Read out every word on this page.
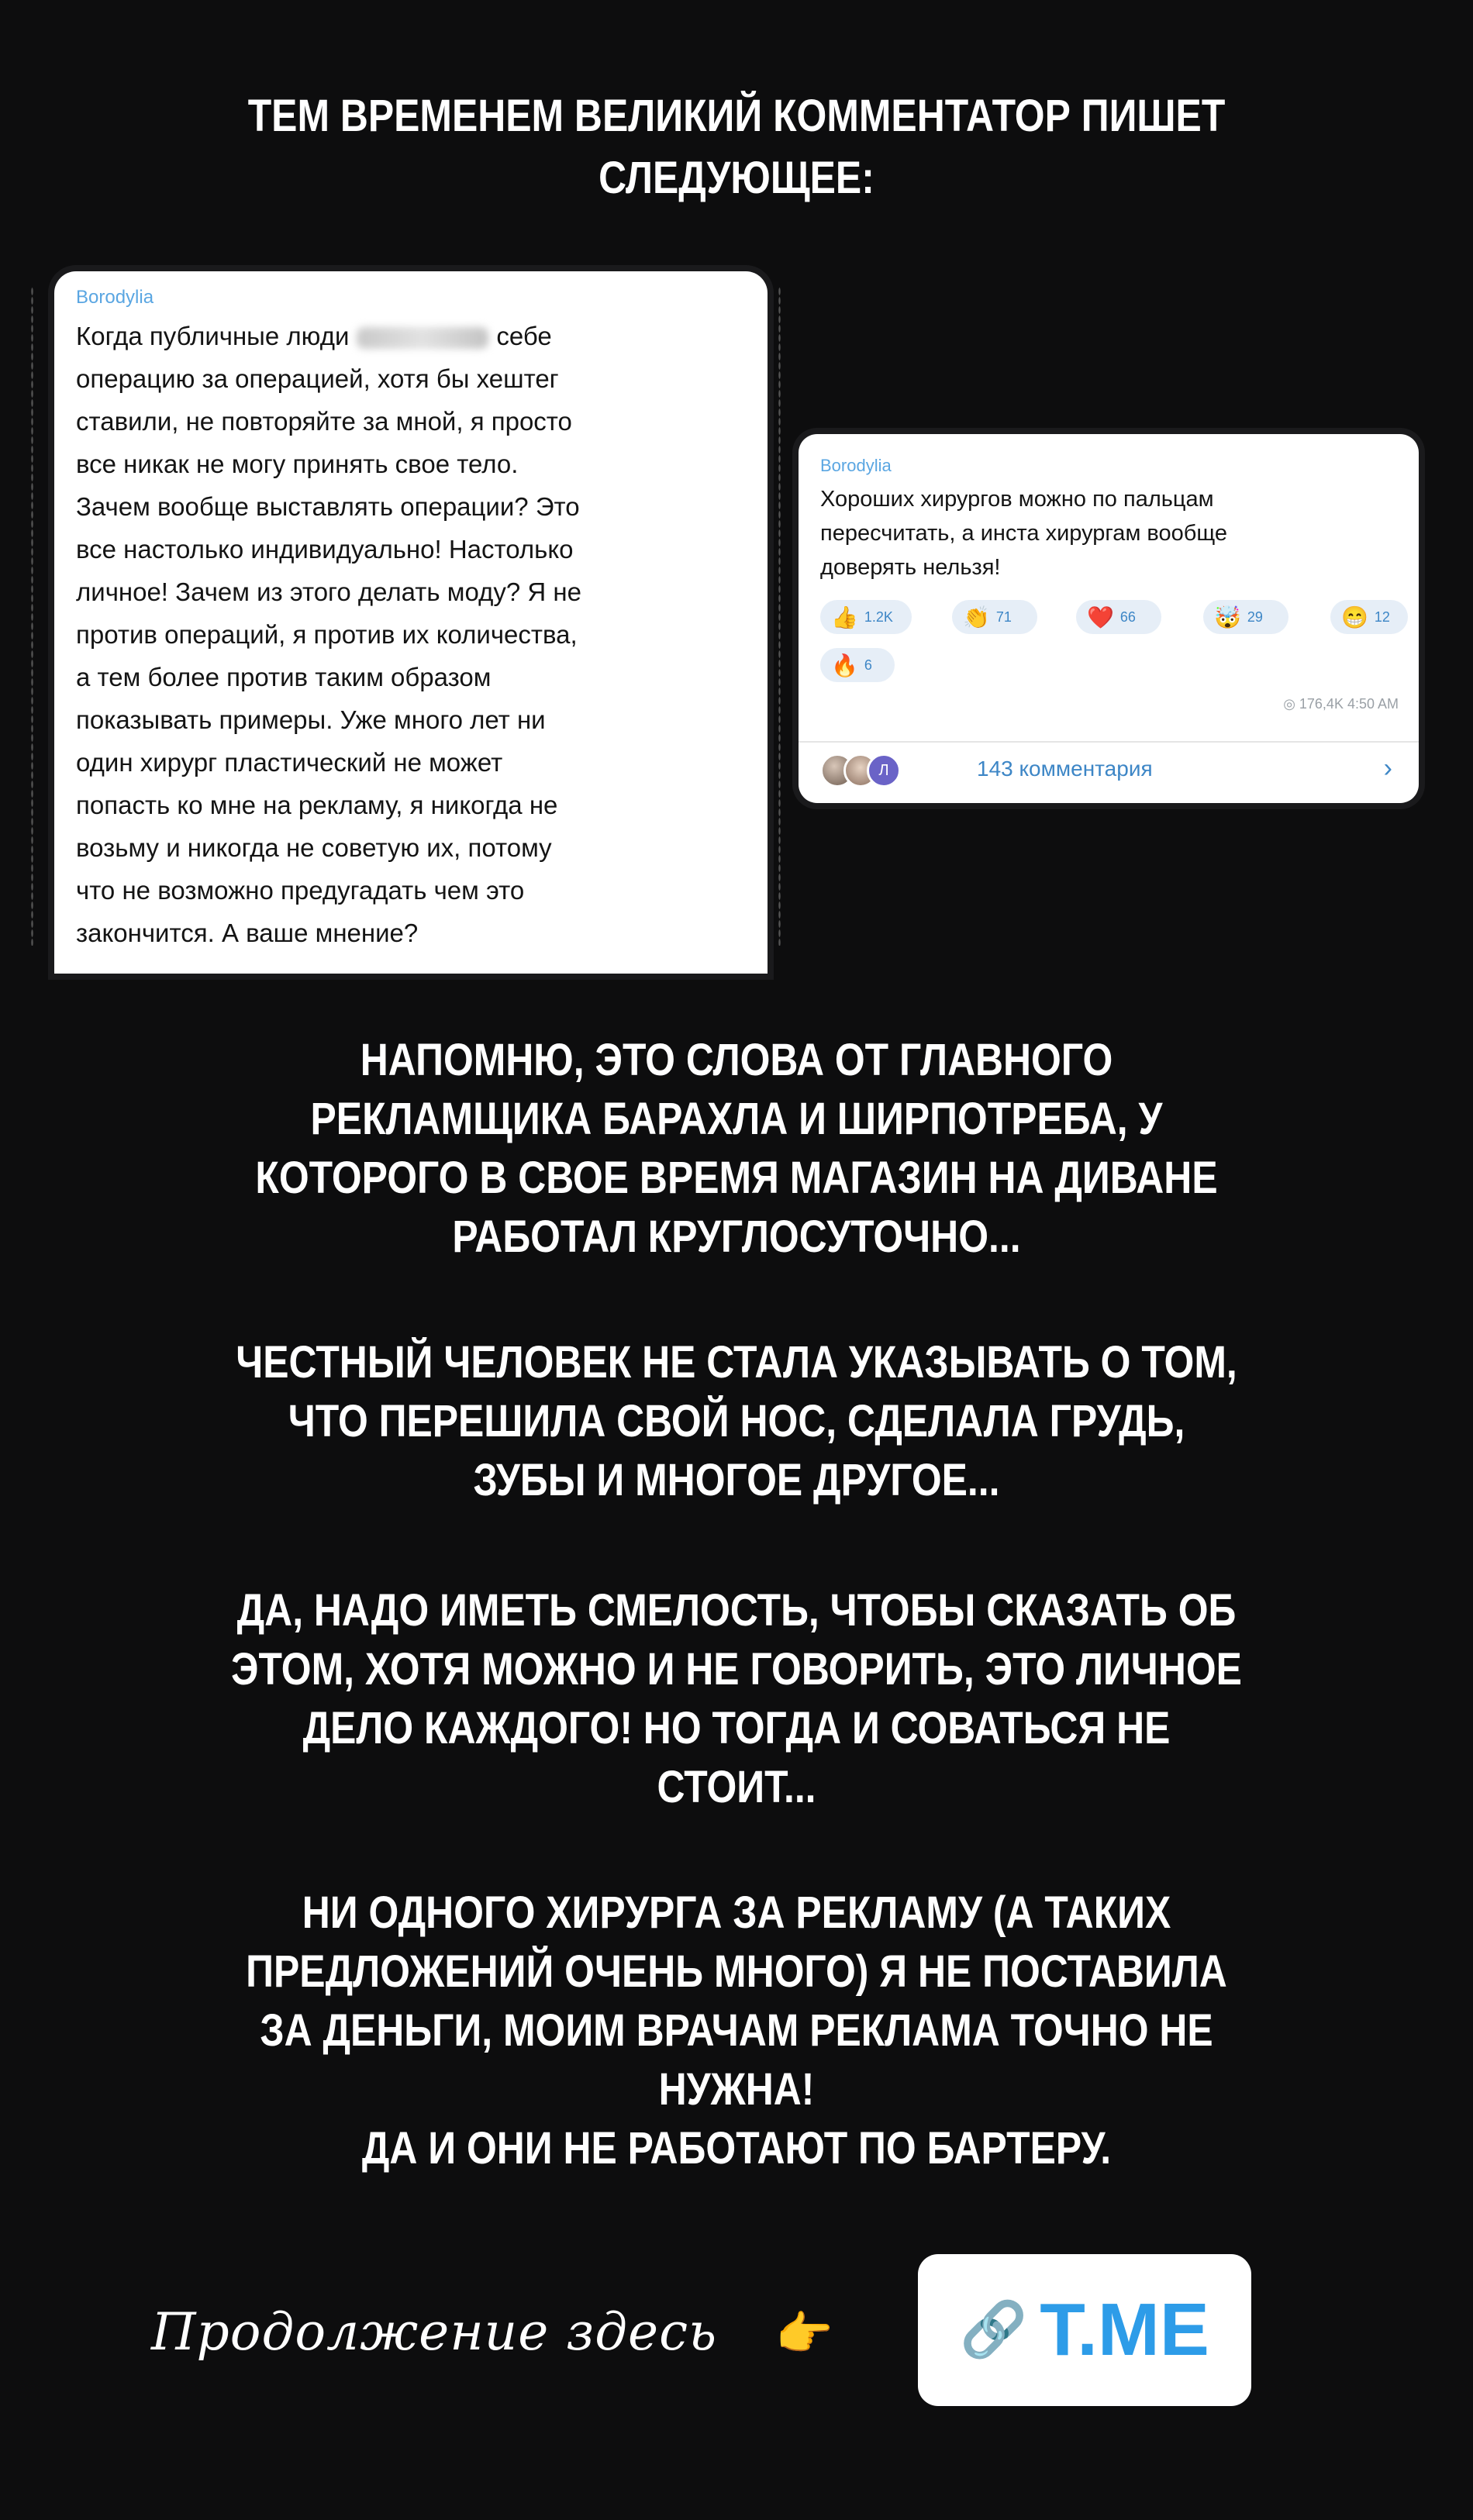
ТЕМ ВРЕМЕНЕМ ВЕЛИКИЙ КОММЕНТАТОР ПИШЕТ
СЛЕДУЮЩЕЕ:
Borodylia
Когда публичные люди	себе
операцию за операцией, хотя бы хештег
ставили, не повторяйте за мной, я просто
все никак не могу принять свое тело.
Зачем вообще выставлять операции? Это
все настолько индивидуально! Настолько
личное! Зачем из этого делать моду? Я не
против операций, я против их количества,
а тем более против таким образом
показывать примеры. Уже много лет ни
один хирург пластический не может
попасть ко мне на рекламу, я никогда не
возьму и никогда не советую их, потому
что не возможно предугадать чем это
закончится. А ваше мнение?
Borodylia
Хороших хирургов можно по пальцам
пересчитать, а инста хирургам вообще
доверять нельзя!
👍 1.2K	👏 71	❤️ 66	🤯 29	😁 12
🔥 6
◎ 176,4K 4:50 AM
Л	143 комментария	›
НАПОМНЮ, ЭТО СЛОВА ОТ ГЛАВНОГО
РЕКЛАМЩИКА БАРАХЛА И ШИРПОТРЕБА, У
КОТОРОГО В СВОЕ ВРЕМЯ МАГАЗИН НА ДИВАНЕ
РАБОТАЛ КРУГЛОСУТОЧНО...
ЧЕСТНЫЙ ЧЕЛОВЕК НЕ СТАЛА УКАЗЫВАТЬ О ТОМ,
ЧТО ПЕРЕШИЛА СВОЙ НОС, СДЕЛАЛА ГРУДЬ,
ЗУБЫ И МНОГОЕ ДРУГОЕ...
ДА, НАДО ИМЕТЬ СМЕЛОСТЬ, ЧТОБЫ СКАЗАТЬ ОБ
ЭТОМ, ХОТЯ МОЖНО И НЕ ГОВОРИТЬ, ЭТО ЛИЧНОЕ
ДЕЛО КАЖДОГО! НО ТОГДА И СОВАТЬСЯ НЕ
СТОИТ...
НИ ОДНОГО ХИРУРГА ЗА РЕКЛАМУ (А ТАКИХ
ПРЕДЛОЖЕНИЙ ОЧЕНЬ МНОГО) Я НЕ ПОСТАВИЛА
ЗА ДЕНЬГИ, МОИМ ВРАЧАМ РЕКЛАМА ТОЧНО НЕ
НУЖНА!
ДА И ОНИ НЕ РАБОТАЮТ ПО БАРТЕРУ.
Продолжение здесь 👉 🔗 T.ME
